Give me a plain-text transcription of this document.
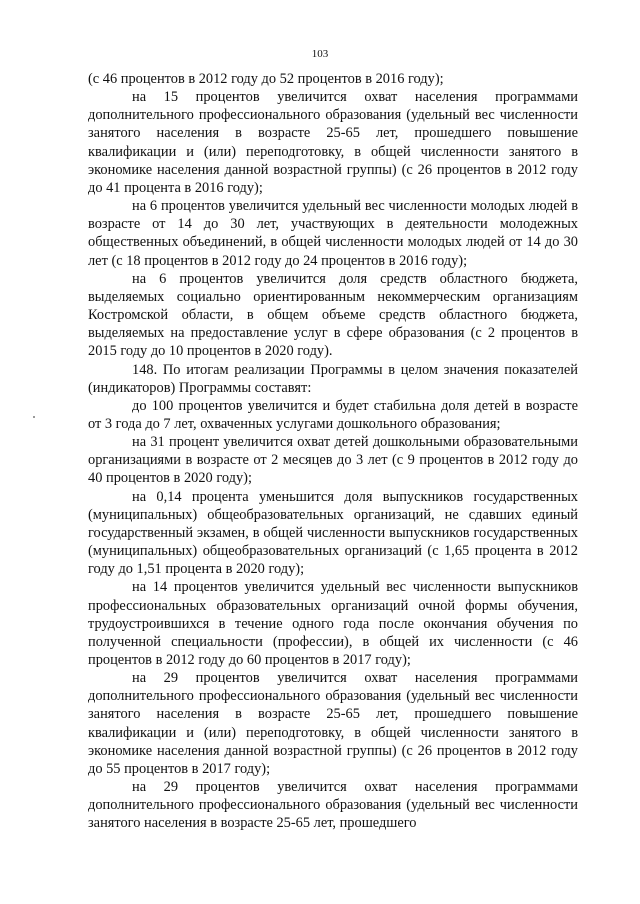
103

(с 46 процентов в 2012 году до 52 процентов в 2016 году);

на 15 процентов увеличится охват населения программами дополнительного профессионального образования (удельный вес численности занятого населения в возрасте 25-65 лет, прошедшего повышение квалификации и (или) переподготовку, в общей численности занятого в экономике населения данной возрастной группы) (с 26 процентов в 2012 году до 41 процента в 2016 году);

на 6 процентов увеличится удельный вес численности молодых людей в возрасте от 14 до 30 лет, участвующих в деятельности молодежных общественных объединений, в общей численности молодых людей от 14 до 30 лет (с 18 процентов в 2012 году до 24 процентов в 2016 году);

на 6 процентов увеличится доля средств областного бюджета, выделяемых социально ориентированным некоммерческим организациям Костромской области, в общем объеме средств областного бюджета, выделяемых на предоставление услуг в сфере образования (с 2 процентов в 2015 году до 10 процентов в 2020 году).

148. По итогам реализации Программы в целом значения показателей (индикаторов) Программы составят:

до 100 процентов увеличится и будет стабильна доля детей в возрасте от 3 года до 7 лет, охваченных услугами дошкольного образования;

на 31 процент увеличится охват детей дошкольными образовательными организациями в возрасте от 2 месяцев до 3 лет (с 9 процентов в 2012 году до 40 процентов в 2020 году);

на 0,14 процента уменьшится доля выпускников государственных (муниципальных) общеобразовательных организаций, не сдавших единый государственный экзамен, в общей численности выпускников государственных (муниципальных) общеобразовательных организаций (с 1,65 процента в 2012 году до 1,51 процента в 2020 году);

на 14 процентов увеличится удельный вес численности выпускников профессиональных образовательных организаций очной формы обучения, трудоустроившихся в течение одного года после окончания обучения по полученной специальности (профессии), в общей их численности (с 46 процентов в 2012 году до 60 процентов в 2017 году);

на 29 процентов увеличится охват населения программами дополнительного профессионального образования (удельный вес численности занятого населения в возрасте 25-65 лет, прошедшего повышение квалификации и (или) переподготовку, в общей численности занятого в экономике населения данной возрастной группы) (с 26 процентов в 2012 году до 55 процентов в 2017 году);

на 29 процентов увеличится охват населения программами дополнительного профессионального образования (удельный вес численности занятого населения в возрасте 25-65 лет, прошедшего
